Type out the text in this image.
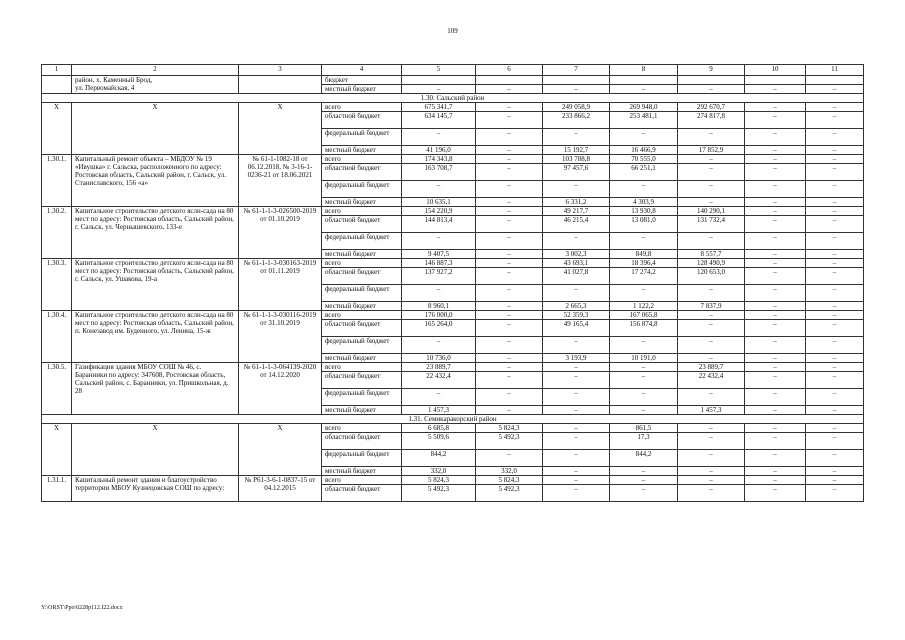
109
1	2	3	4	5	6	7	8	9	10	11
	район, х. Каменный Брод,
ул. Первомайская, 4		бюджет							
			местный бюджет	–	–	–	–	–	–	–
1.30. Сальский район										
X	X	X	всего	675 341,7	–	249 058,9	269 948,0	292 670,7	–	–
			областной бюджет	634 145,7	–	233 866,2	253 481,1	274 817,8	–	–
			федеральный бюджет	–	–	–	–	–	–	–
			местный бюджет	41 196,0	–	15 192,7	16 466,9	17 852,9	–	–
1.30.1.	Капитальный ремонт объекта – МБДОУ № 19 «Ивушка» г. Сальска, расположенного по адресу: Ростовская область, Сальский район, г. Сальск, ул. Станиславского, 156 «а»	№ 61-1-1082-18 от 06.12.2018, № 3-16-1-0236-21 от 18.06.2021	всего	174 343,8	–	103 788,8	70 555,0	–	–	–
			областной бюджет	163 708,7	–	97 457,6	66 251,1	–	–	–
			федеральный бюджет	–	–	–	–	–	–	–
			местный бюджет	10 635,1	–	6 331,2	4 303,9	–	–	–
1.30.2.	Капитальное строительство детского ясли-сада на 80 мест по адресу: Ростовская область, Сальский район, г. Сальск, ул. Чернышевского, 133-е	№ 61-1-1-3-026500-2019 от 01.10.2019	всего	154 220,9	–	49 217,7	13 930,8	140 290,1	–	–
			областной бюджет	144 813,4	–	46 215,4	13 081,0	131 732,4	–	–
			федеральный бюджет	–	–	–	–	–	–	–
			местный бюджет	9 407,5	–	3 002,3	849,8	8 557,7	–	–
1.30.3.	Капитальное строительство детского ясли-сада на 80 мест по адресу: Ростовская область, Сальский район, г. Сальск, ул. Ушакова, 19-а	№ 61-1-1-3-030163-2019 от 01.11.2019	всего	146 887,3	–	43 693,1	18 396,4	128 490,9	–	–
			областной бюджет	137 927,2	–	41 027,8	17 274,2	120 653,0	–	–
			федеральный бюджет	–	–	–	–	–	–	–
			местный бюджет	8 960,1	–	2 665,3	1 122,2	7 837,9	–	–
1.30.4.	Капитальное строительство детского ясли-сада на 80 мест по адресу: Ростовская область, Сальский район, п. Конезавод им. Буденного, ул. Ленина, 15-ж	№ 61-1-1-3-030116-2019 от 31.10.2019	всего	176 000,0	–	52 359,3	167 065,8	–	–	–
			областной бюджет	165 264,0	–	49 165,4	156 874,8	–	–	–
			федеральный бюджет	–	–	–	–	–	–	–
			местный бюджет	10 736,0	–	3 193,9	10 191,0	–	–	–
1.30.5.	Газификация здания МБОУ СОШ № 46, с. Баранники по адресу: 347608, Ростовская область, Сальский район, с. Баранники, ул. Пришкольная, д. 28	№ 61-1-1-3-064139-2020 от 14.12.2020	всего	23 889,7	–	–	–	23 889,7	–	–
			областной бюджет	22 432,4	–	–	–	22 432,4	–	–
			федеральный бюджет	–	–	–	–	–	–	–
			местный бюджет	1 457,3	–	–	–	1 457,3	–	–
1.31. Семикаракорский район										
X	X	X	всего	6 685,8	5 824,3	–	861,5	–	–	–
			областной бюджет	5 509,6	5 492,3	–	17,3	–	–	–
			федеральный бюджет	844,2	–	–	844,2	–	–	–
			местный бюджет	332,0	332,0	–	–	–	–	–
1.31.1.	Капитальный ремонт здания и благоустройство территории МБОУ Кузнецовская СОШ по адресу:	№ Р61-3-6-1-0837-15 от 04.12.2015	всего	5 824,3	5 824,3	–	–	–	–	–
			областной бюджет	5 492,3	5 492,3	–	–	–	–	–
Y:\ORST\Ppo\0228p112.f22.docx
